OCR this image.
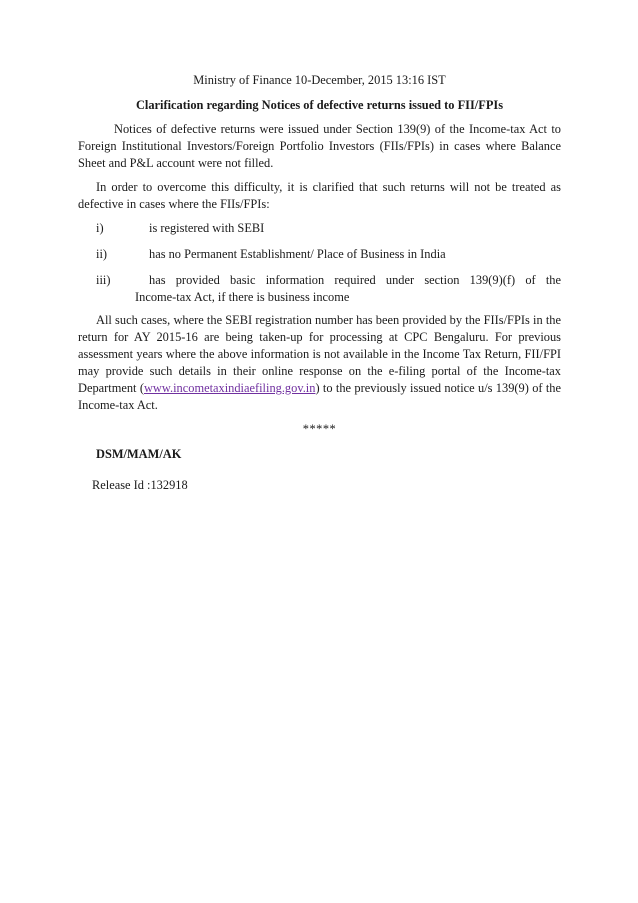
Ministry of Finance 10-December, 2015 13:16 IST
Clarification regarding Notices of defective returns issued to FII/FPIs

Notices of defective returns were issued under Section 139(9) of the Income-tax Act to Foreign Institutional Investors/Foreign Portfolio Investors (FIIs/FPIs) in cases where Balance Sheet and P&L account were not filled.

In order to overcome this difficulty, it is clarified that such returns will not be treated as defective in cases where the FIIs/FPIs:

i)	is registered with SEBI
ii)	has no Permanent Establishment/ Place of Business in India
iii)	has provided basic information required under section 139(9)(f) of the
Income-tax Act, if there is business income

All such cases, where the SEBI registration number has been provided by the FIIs/FPIs in the return for AY 2015-16 are being taken-up for processing at CPC Bengaluru. For previous assessment years where the above information is not available in the Income Tax Return, FII/FPI may provide such details in their online response on the e-filing portal of the Income-tax Department (www.incometaxindiaefiling.gov.in) to the previously issued notice u/s 139(9) of the Income-tax Act.

*****
DSM/MAM/AK
Release Id :132918
